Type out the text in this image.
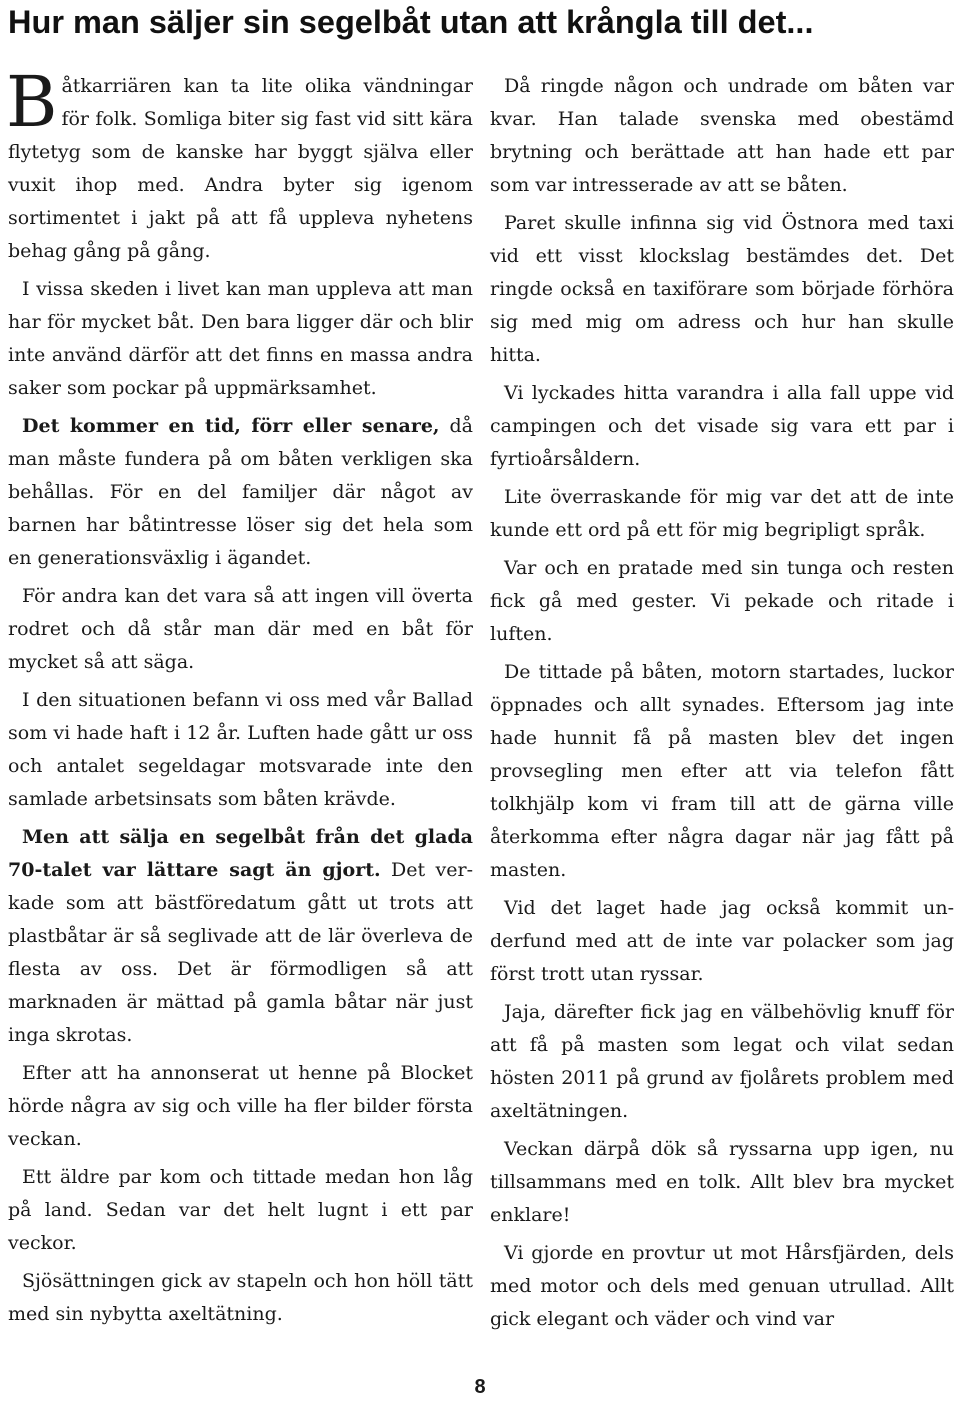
Hur man säljer sin segelbåt utan att krångla till det...

Båtkarriären kan ta lite olika vändningar för folk. Somliga biter sig fast vid sitt kära flytetyg som de kanske har byggt själva eller vuxit ihop med. Andra byter sig igenom sortimentet i jakt på att få uppleva nyhetens behag gång på gång.

I vissa skeden i livet kan man uppleva att man har för mycket båt. Den bara ligger där och blir inte använd därför att det finns en massa andra saker som pockar på uppmärksamhet.

Det kommer en tid, förr eller senare, då man måste fundera på om båten verkligen ska behållas. För en del familjer där något av barnen har båtintresse löser sig det hela som en generationsväxlig i ägandet.

För andra kan det vara så att ingen vill överta rodret och då står man där med en båt för mycket så att säga.

I den situationen befann vi oss med vår Ballad som vi hade haft i 12 år. Luften hade gått ur oss och antalet segeldagar motsvarade inte den samlade arbetsinsats som båten krävde.

Men att sälja en segelbåt från det glada 70-talet var lättare sagt än gjort. Det verkade som att bästföredatum gått ut trots att plastbåtar är så seglivade att de lär överleva de flesta av oss. Det är förmodligen så att marknaden är mättad på gamla båtar när just inga skrotas.

Efter att ha annonserat ut henne på Blocket hörde några av sig och ville ha fler bilder första veckan.

Ett äldre par kom och tittade medan hon låg på land. Sedan var det helt lugnt i ett par veckor.

Sjösättningen gick av stapeln och hon höll tätt med sin nybytta axeltätning.

Då ringde någon och undrade om båten var kvar. Han talade svenska med obestämd brytning och berättade att han hade ett par som var intresserade av att se båten.

Paret skulle infinna sig vid Östnora med taxi vid ett visst klockslag bestämdes det. Det ringde också en taxiförare som började förhöra sig med mig om adress och hur han skulle hitta.

Vi lyckades hitta varandra i alla fall uppe vid campingen och det visade sig vara ett par i fyrtioårsåldern.

Lite överraskande för mig var det att de inte kunde ett ord på ett för mig begripligt språk.

Var och en pratade med sin tunga och resten fick gå med gester. Vi pekade och ritade i luften.

De tittade på båten, motorn startades, luckor öppnades och allt synades. Eftersom jag inte hade hunnit få på masten blev det ingen provsegling men efter att via telefon fått tolkhjälp kom vi fram till att de gärna ville återkomma efter några dagar när jag fått på masten.

Vid det laget hade jag också kommit underfund med att de inte var polacker som jag först trott utan ryssar.

Jaja, därefter fick jag en välbehövlig knuff för att få på masten som legat och vilat sedan hösten 2011 på grund av fjolårets problem med axeltätningen.

Veckan därpå dök så ryssarna upp igen, nu tillsammans med en tolk. Allt blev bra mycket enklare!

Vi gjorde en provtur ut mot Hårsfjärden, dels med motor och dels med genuan utrullad. Allt gick elegant och väder och vind var

8
